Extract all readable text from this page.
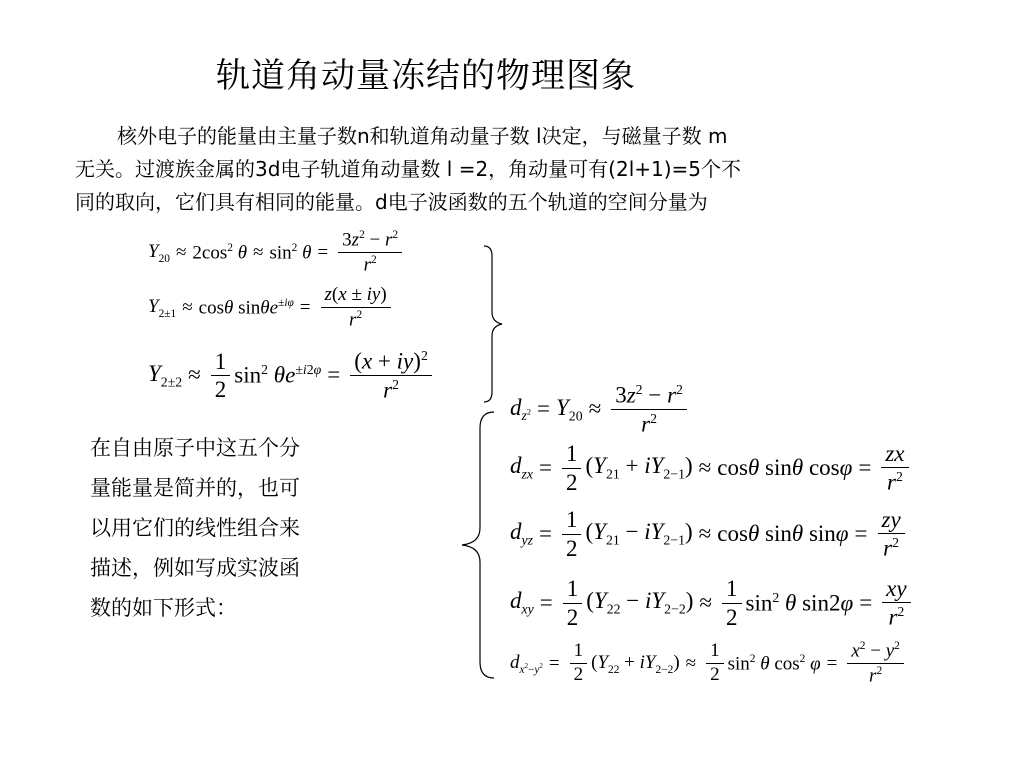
轨道角动量冻结的物理图象

核外电子的能量由主量子数n和轨道角动量子数 l决定，与磁量子数 m

无关。过渡族金属的3d电子轨道角动量数 l =2，角动量可有(2l+1)=5个不

同的取向，它们具有相同的能量。d电子波函数的五个轨道的空间分量为

$Y_{20} \approx 2\cos^2$ $\theta \approx \sin^2 \theta = \frac{3z^2 - r^2}{r^2}$
$Y_{2\pm 1} \approx \cos\theta$ $\sin\theta e^{\pm i\varphi} = \frac{z(x \pm iy)}{r^2}$
$Y_{2\pm 2} \approx \frac{1}{2} \sin^2 \theta e^{\pm i2\varphi} = \frac{(x + iy)^2}{r^2}$

在自由原子中这五个分

量能量是简并的，也可

以用它们的线性组合来

描述，例如写成实波函

数的如下形式：

$d_{z^2} = Y_{20} \approx \frac{3z^2 - r^2}{r^2}$
$d_{zx} = \frac{1}{2} (Y_{21} + iY_{2-1}) \approx \cos\theta$ sinθ $\cos\varphi = \frac{zx}{r^2}$
$d_{yz} = \frac{1}{2} (Y_{21} - iY_{2-1}) \approx \cos\theta$ sinθ $\sin\varphi = \frac{zy}{r^2}$
$d_{xy} = \frac{1}{2} (Y_{22} - iY_{2-2}) \approx \frac{1}{2} \sin^2 \theta$ $\sin 2\varphi = \frac{xy}{r^2}$
$d_{x^2-y^2} = \frac{1}{2} (Y_{22} + iY_{2-2}) \approx \frac{1}{2} \sin^2 \theta$ $\cos^2 \varphi = \frac{x^2 - y^2}{r^2}$
